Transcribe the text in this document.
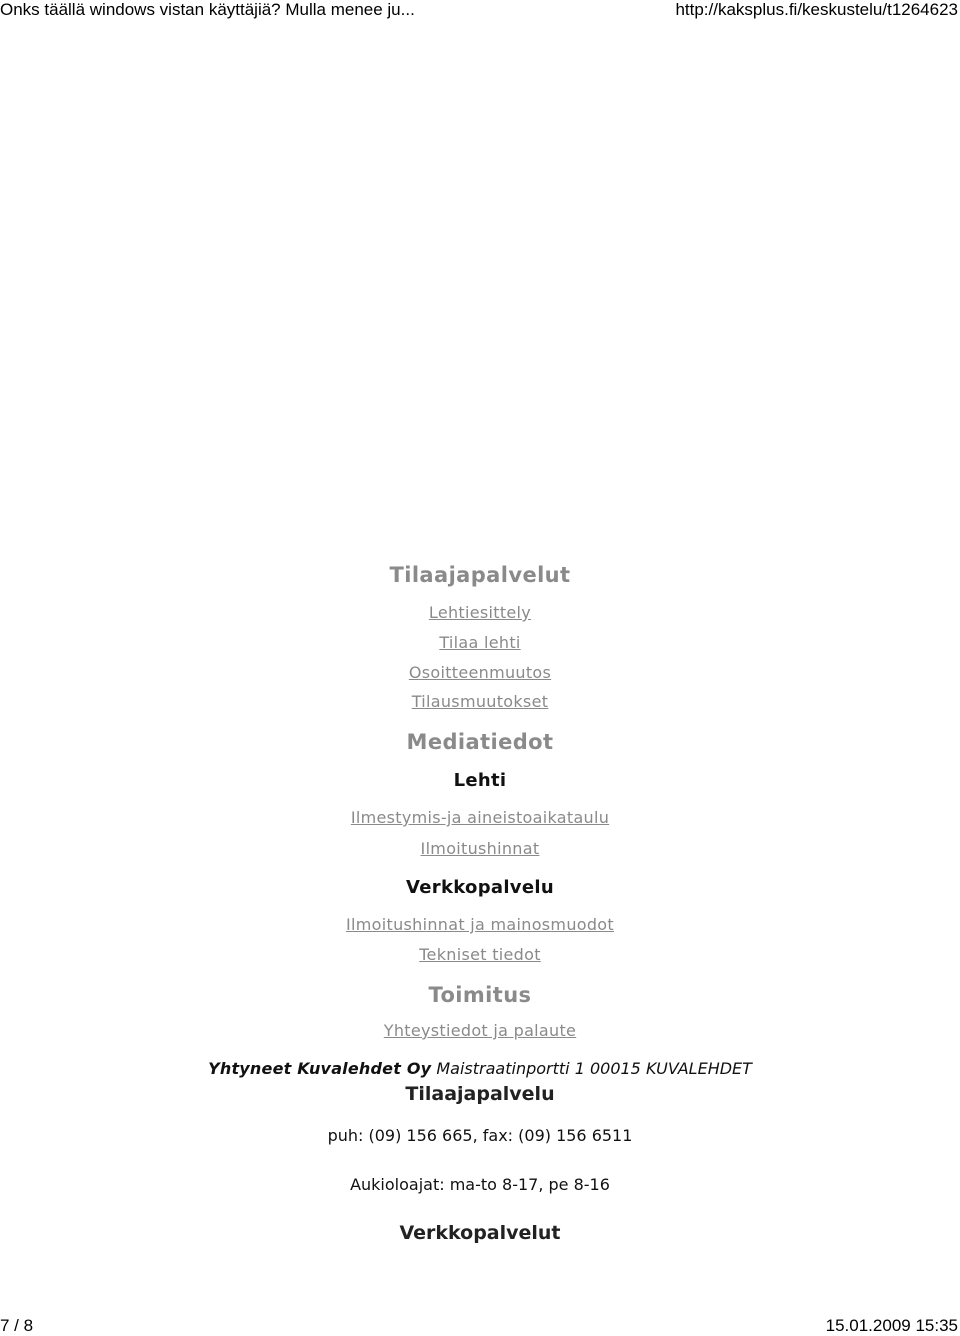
Onks täällä windows vistan käyttäjiä? Mulla menee ju...	http://kaksplus.fi/keskustelu/t1264623
Tilaajapalvelut
Lehtiesittely
Tilaa lehti
Osoitteenmuutos
Tilausmuutokset
Mediatiedot
Lehti
Ilmestymis-ja aineistoaikataulu
Ilmoitushinnat
Verkkopalvelu
Ilmoitushinnat ja mainosmuodot
Tekniset tiedot
Toimitus
Yhteystiedot ja palaute
Yhtyneet Kuvalehdet Oy Maistraatinportti 1 00015 KUVALEHDET
Tilaajapalvelu
puh: (09) 156 665, fax: (09) 156 6511
Aukioloajat: ma-to 8-17, pe 8-16
Verkkopalvelut
7 / 8	15.01.2009 15:35
